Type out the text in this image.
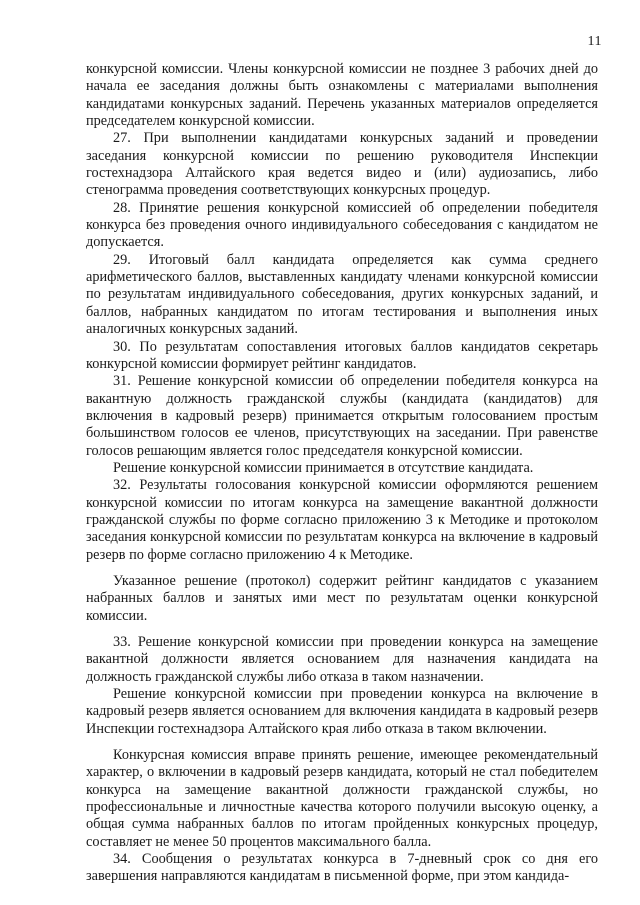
11

конкурсной комиссии. Члены конкурсной комиссии не позднее 3 рабочих дней до начала ее заседания должны быть ознакомлены с материалами выполнения кандидатами конкурсных заданий. Перечень указанных материалов определяется председателем конкурсной комиссии.

27. При выполнении кандидатами конкурсных заданий и проведении заседания конкурсной комиссии по решению руководителя Инспекции гостехнадзора Алтайского края ведется видео и (или) аудиозапись, либо стенограмма проведения соответствующих конкурсных процедур.

28. Принятие решения конкурсной комиссией об определении победителя конкурса без проведения очного индивидуального собеседования с кандидатом не допускается.

29. Итоговый балл кандидата определяется как сумма среднего арифметического баллов, выставленных кандидату членами конкурсной комиссии по результатам индивидуального собеседования, других конкурсных заданий, и баллов, набранных кандидатом по итогам тестирования и выполнения иных аналогичных конкурсных заданий.

30. По результатам сопоставления итоговых баллов кандидатов секретарь конкурсной комиссии формирует рейтинг кандидатов.

31. Решение конкурсной комиссии об определении победителя конкурса на вакантную должность гражданской службы (кандидата (кандидатов) для включения в кадровый резерв) принимается открытым голосованием простым большинством голосов ее членов, присутствующих на заседании. При равенстве голосов решающим является голос председателя конкурсной комиссии.

Решение конкурсной комиссии принимается в отсутствие кандидата.

32. Результаты голосования конкурсной комиссии оформляются решением конкурсной комиссии по итогам конкурса на замещение вакантной должности гражданской службы по форме согласно приложению 3 к Методике и протоколом заседания конкурсной комиссии по результатам конкурса на включение в кадровый резерв по форме согласно приложению 4 к Методике.

Указанное решение (протокол) содержит рейтинг кандидатов с указанием набранных баллов и занятых ими мест по результатам оценки конкурсной комиссии.

33. Решение конкурсной комиссии при проведении конкурса на замещение вакантной должности является основанием для назначения кандидата на должность гражданской службы либо отказа в таком назначении.

Решение конкурсной комиссии при проведении конкурса на включение в кадровый резерв является основанием для включения кандидата в кадровый резерв Инспекции гостехнадзора Алтайского края либо отказа в таком включении.

Конкурсная комиссия вправе принять решение, имеющее рекомендательный характер, о включении в кадровый резерв кандидата, который не стал победителем конкурса на замещение вакантной должности гражданской службы, но профессиональные и личностные качества которого получили высокую оценку, а общая сумма набранных баллов по итогам пройденных конкурсных процедур, составляет не менее 50 процентов максимального балла.

34. Сообщения о результатах конкурса в 7-дневный срок со дня его завершения направляются кандидатам в письменной форме, при этом кандида-
